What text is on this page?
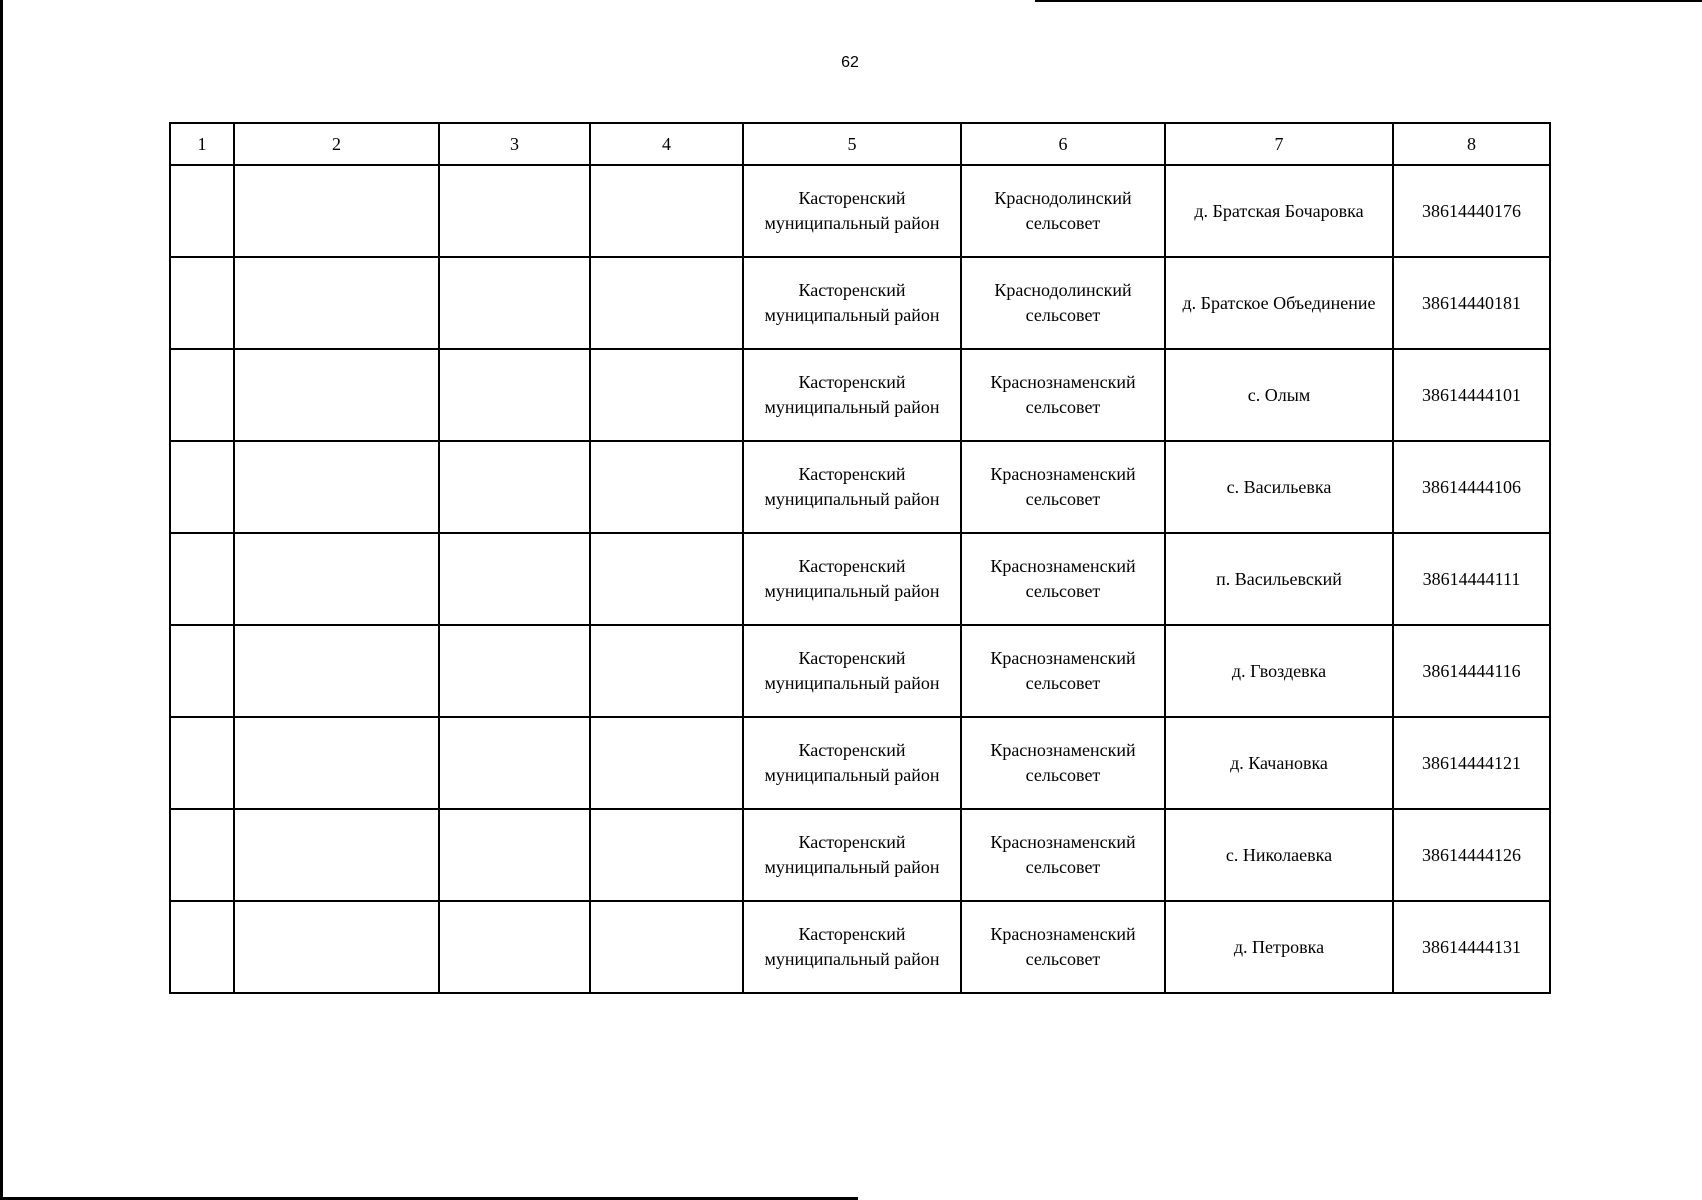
62
1	2	3	4	5	6	7	8
				Касторенский муниципальный район	Краснодолинский сельсовет	д. Братская Бочаровка	38614440176
				Касторенский муниципальный район	Краснодолинский сельсовет	д. Братское Объединение	38614440181
				Касторенский муниципальный район	Краснознаменский сельсовет	с. Олым	38614444101
				Касторенский муниципальный район	Краснознаменский сельсовет	с. Васильевка	38614444106
				Касторенский муниципальный район	Краснознаменский сельсовет	п. Васильевский	38614444111
				Касторенский муниципальный район	Краснознаменский сельсовет	д. Гвоздевка	38614444116
				Касторенский муниципальный район	Краснознаменский сельсовет	д. Качановка	38614444121
				Касторенский муниципальный район	Краснознаменский сельсовет	с. Николаевка	38614444126
				Касторенский муниципальный район	Краснознаменский сельсовет	д. Петровка	38614444131
